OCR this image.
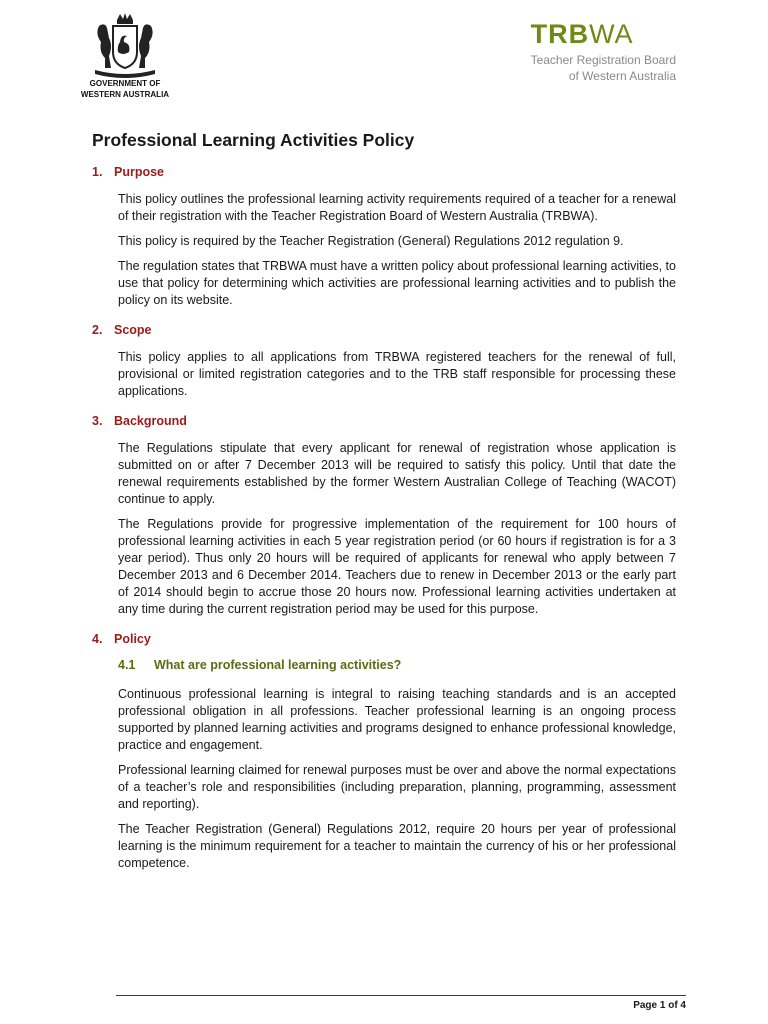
GOVERNMENT OF
WESTERN AUSTRALIA
TRBWA
Teacher Registration Board
of Western Australia
Professional Learning Activities Policy
1. Purpose

This policy outlines the professional learning activity requirements required of a teacher for a renewal of their registration with the Teacher Registration Board of Western Australia (TRBWA).

This policy is required by the Teacher Registration (General) Regulations 2012 regulation 9.

The regulation states that TRBWA must have a written policy about professional learning activities, to use that policy for determining which activities are professional learning activities and to publish the policy on its website.

2. Scope

This policy applies to all applications from TRBWA registered teachers for the renewal of full, provisional or limited registration categories and to the TRB staff responsible for processing these applications.

3. Background

The Regulations stipulate that every applicant for renewal of registration whose application is submitted on or after 7 December 2013 will be required to satisfy this policy. Until that date the renewal requirements established by the former Western Australian College of Teaching (WACOT) continue to apply.

The Regulations provide for progressive implementation of the requirement for 100 hours of professional learning activities in each 5 year registration period (or 60 hours if registration is for a 3 year period). Thus only 20 hours will be required of applicants for renewal who apply between 7 December 2013 and 6 December 2014. Teachers due to renew in December 2013 or the early part of 2014 should begin to accrue those 20 hours now. Professional learning activities undertaken at any time during the current registration period may be used for this purpose.

4. Policy
4.1 What are professional learning activities?

Continuous professional learning is integral to raising teaching standards and is an accepted professional obligation in all professions. Teacher professional learning is an ongoing process supported by planned learning activities and programs designed to enhance professional knowledge, practice and engagement.

Professional learning claimed for renewal purposes must be over and above the normal expectations of a teacher’s role and responsibilities (including preparation, planning, programming, assessment and reporting).

The Teacher Registration (General) Regulations 2012, require 20 hours per year of professional learning is the minimum requirement for a teacher to maintain the currency of his or her professional competence.

Page 1 of 4
